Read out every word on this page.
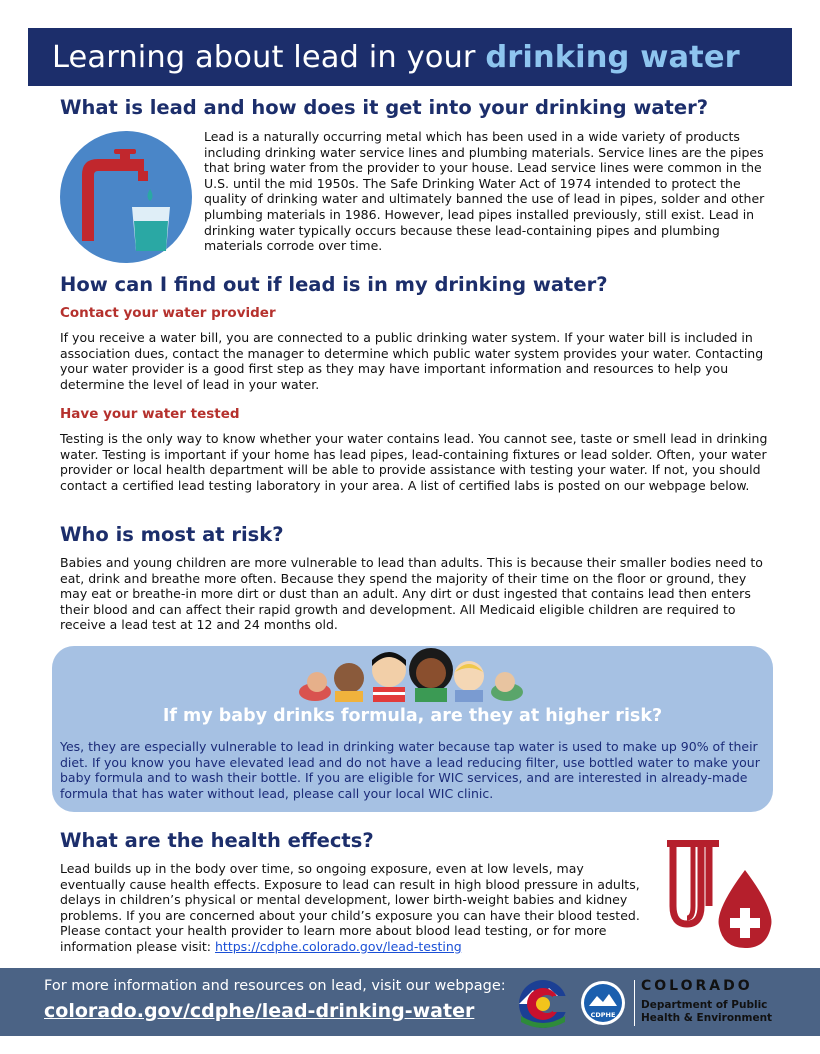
Learning about lead in your drinking water
What is lead and how does it get into your drinking water?
Lead is a naturally occurring metal which has been used in a wide variety of products including drinking water service lines and plumbing materials. Service lines are the pipes that bring water from the provider to your house. Lead service lines were common in the U.S. until the mid 1950s. The Safe Drinking Water Act of 1974 intended to protect the quality of drinking water and ultimately banned the use of lead in pipes, solder and other plumbing materials in 1986. However, lead pipes installed previously, still exist. Lead in drinking water typically occurs because these lead-containing pipes and plumbing materials corrode over time.
How can I find out if lead is in my drinking water?
Contact your water provider
If you receive a water bill, you are connected to a public drinking water system. If your water bill is included in association dues, contact the manager to determine which public water system provides your water. Contacting your water provider is a good first step as they may have important information and resources to help you determine the level of lead in your water.
Have your water tested
Testing is the only way to know whether your water contains lead. You cannot see, taste or smell lead in drinking water. Testing is important if your home has lead pipes, lead-containing fixtures or lead solder. Often, your water provider or local health department will be able to provide assistance with testing your water. If not, you should contact a certified lead testing laboratory in your area. A list of certified labs is posted on our webpage below.
Who is most at risk?
Babies and young children are more vulnerable to lead than adults. This is because their smaller bodies need to eat, drink and breathe more often. Because they spend the majority of their time on the floor or ground, they may eat or breathe-in more dirt or dust than an adult. Any dirt or dust ingested that contains lead then enters their blood and can affect their rapid growth and development. All Medicaid eligible children are required to receive a lead test at 12 and 24 months old.
If my baby drinks formula, are they at higher risk?
Yes, they are especially vulnerable to lead in drinking water because tap water is used to make up 90% of their diet. If you know you have elevated lead and do not have a lead reducing filter, use bottled water to make your baby formula and to wash their bottle. If you are eligible for WIC services, and are interested in already-made formula that has water without lead, please call your local WIC clinic.
What are the health effects?
Lead builds up in the body over time, so ongoing exposure, even at low levels, may eventually cause health effects. Exposure to lead can result in high blood pressure in adults, delays in children’s physical or mental development, lower birth-weight babies and kidney problems. If you are concerned about your child’s exposure you can have their blood tested. Please contact your health provider to learn more about blood lead testing, or for more information please visit: https://cdphe.colorado.gov/lead-testing
For more information and resources on lead, visit our webpage:
colorado.gov/cdphe/lead-drinking-water	CDPHE
COLORADO
Department of Public
Health & Environment
